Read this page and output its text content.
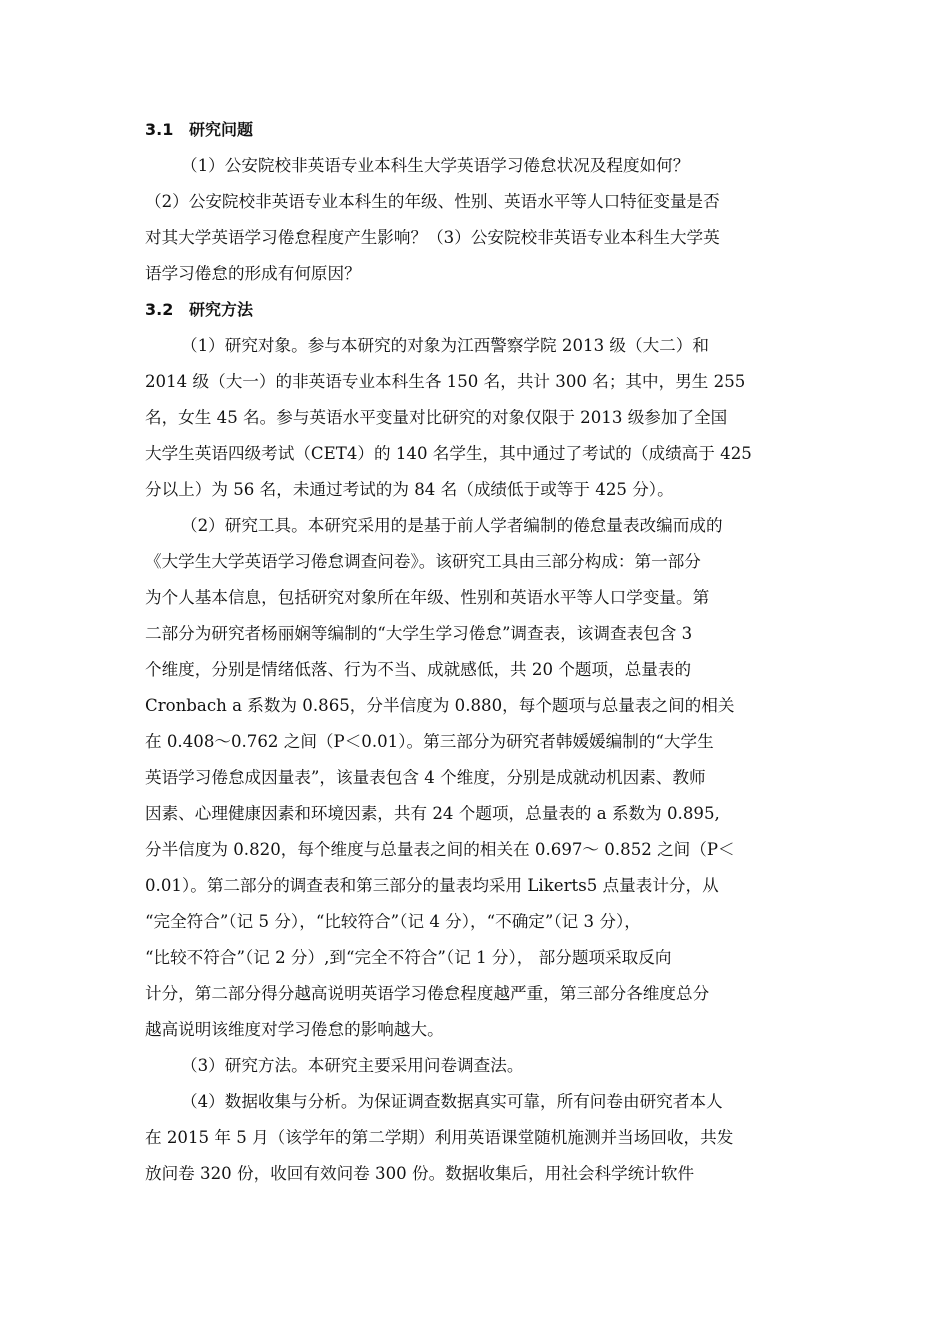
3.1 研究问题
（1）公安院校非英语专业本科生大学英语学习倦怠状况及程度如何？
（2）公安院校非英语专业本科生的年级、性别、英语水平等人口特征变量是否
对其大学英语学习倦怠程度产生影响？（3）公安院校非英语专业本科生大学英
语学习倦怠的形成有何原因？
3.2 研究方法
（1）研究对象。参与本研究的对象为江西警察学院 2013 级（大二）和
2014 级（大一）的非英语专业本科生各 150 名，共计 300 名；其中，男生 255
名，女生 45 名。参与英语水平变量对比研究的对象仅限于 2013 级参加了全国
大学生英语四级考试（CET4）的 140 名学生，其中通过了考试的（成绩高于 425
分以上）为 56 名，未通过考试的为 84 名（成绩低于或等于 425 分）。
（2）研究工具。本研究采用的是基于前人学者编制的倦怠量表改编而成的
《大学生大学英语学习倦怠调查问卷》。该研究工具由三部分构成：第一部分
为个人基本信息，包括研究对象所在年级、性别和英语水平等人口学变量。第
二部分为研究者杨丽娴等编制的“大学生学习倦怠”调查表，该调查表包含 3
个维度，分别是情绪低落、行为不当、成就感低，共 20 个题项，总量表的
Cronbach a 系数为 0.865，分半信度为 0.880，每个题项与总量表之间的相关
在 0.408～0.762 之间（P＜0.01）。第三部分为研究者韩媛媛编制的“大学生
英语学习倦怠成因量表”，该量表包含 4 个维度，分别是成就动机因素、教师
因素、心理健康因素和环境因素，共有 24 个题项，总量表的 a 系数为 0.895,
分半信度为 0.820，每个维度与总量表之间的相关在 0.697～ 0.852 之间（P＜
0.01）。第二部分的调查表和第三部分的量表均采用 Likerts5 点量表计分，从
“完全符合”（记 5 分），“比较符合”（记 4 分），“不确定”（记 3 分），
“比较不符合”（记 2 分）,到“完全不符合”（记 1 分）， 部分题项采取反向
计分，第二部分得分越高说明英语学习倦怠程度越严重，第三部分各维度总分
越高说明该维度对学习倦怠的影响越大。
（3）研究方法。本研究主要采用问卷调查法。
（4）数据收集与分析。为保证调查数据真实可靠，所有问卷由研究者本人
在 2015 年 5 月（该学年的第二学期）利用英语课堂随机施测并当场回收，共发
放问卷 320 份，收回有效问卷 300 份。数据收集后，用社会科学统计软件
